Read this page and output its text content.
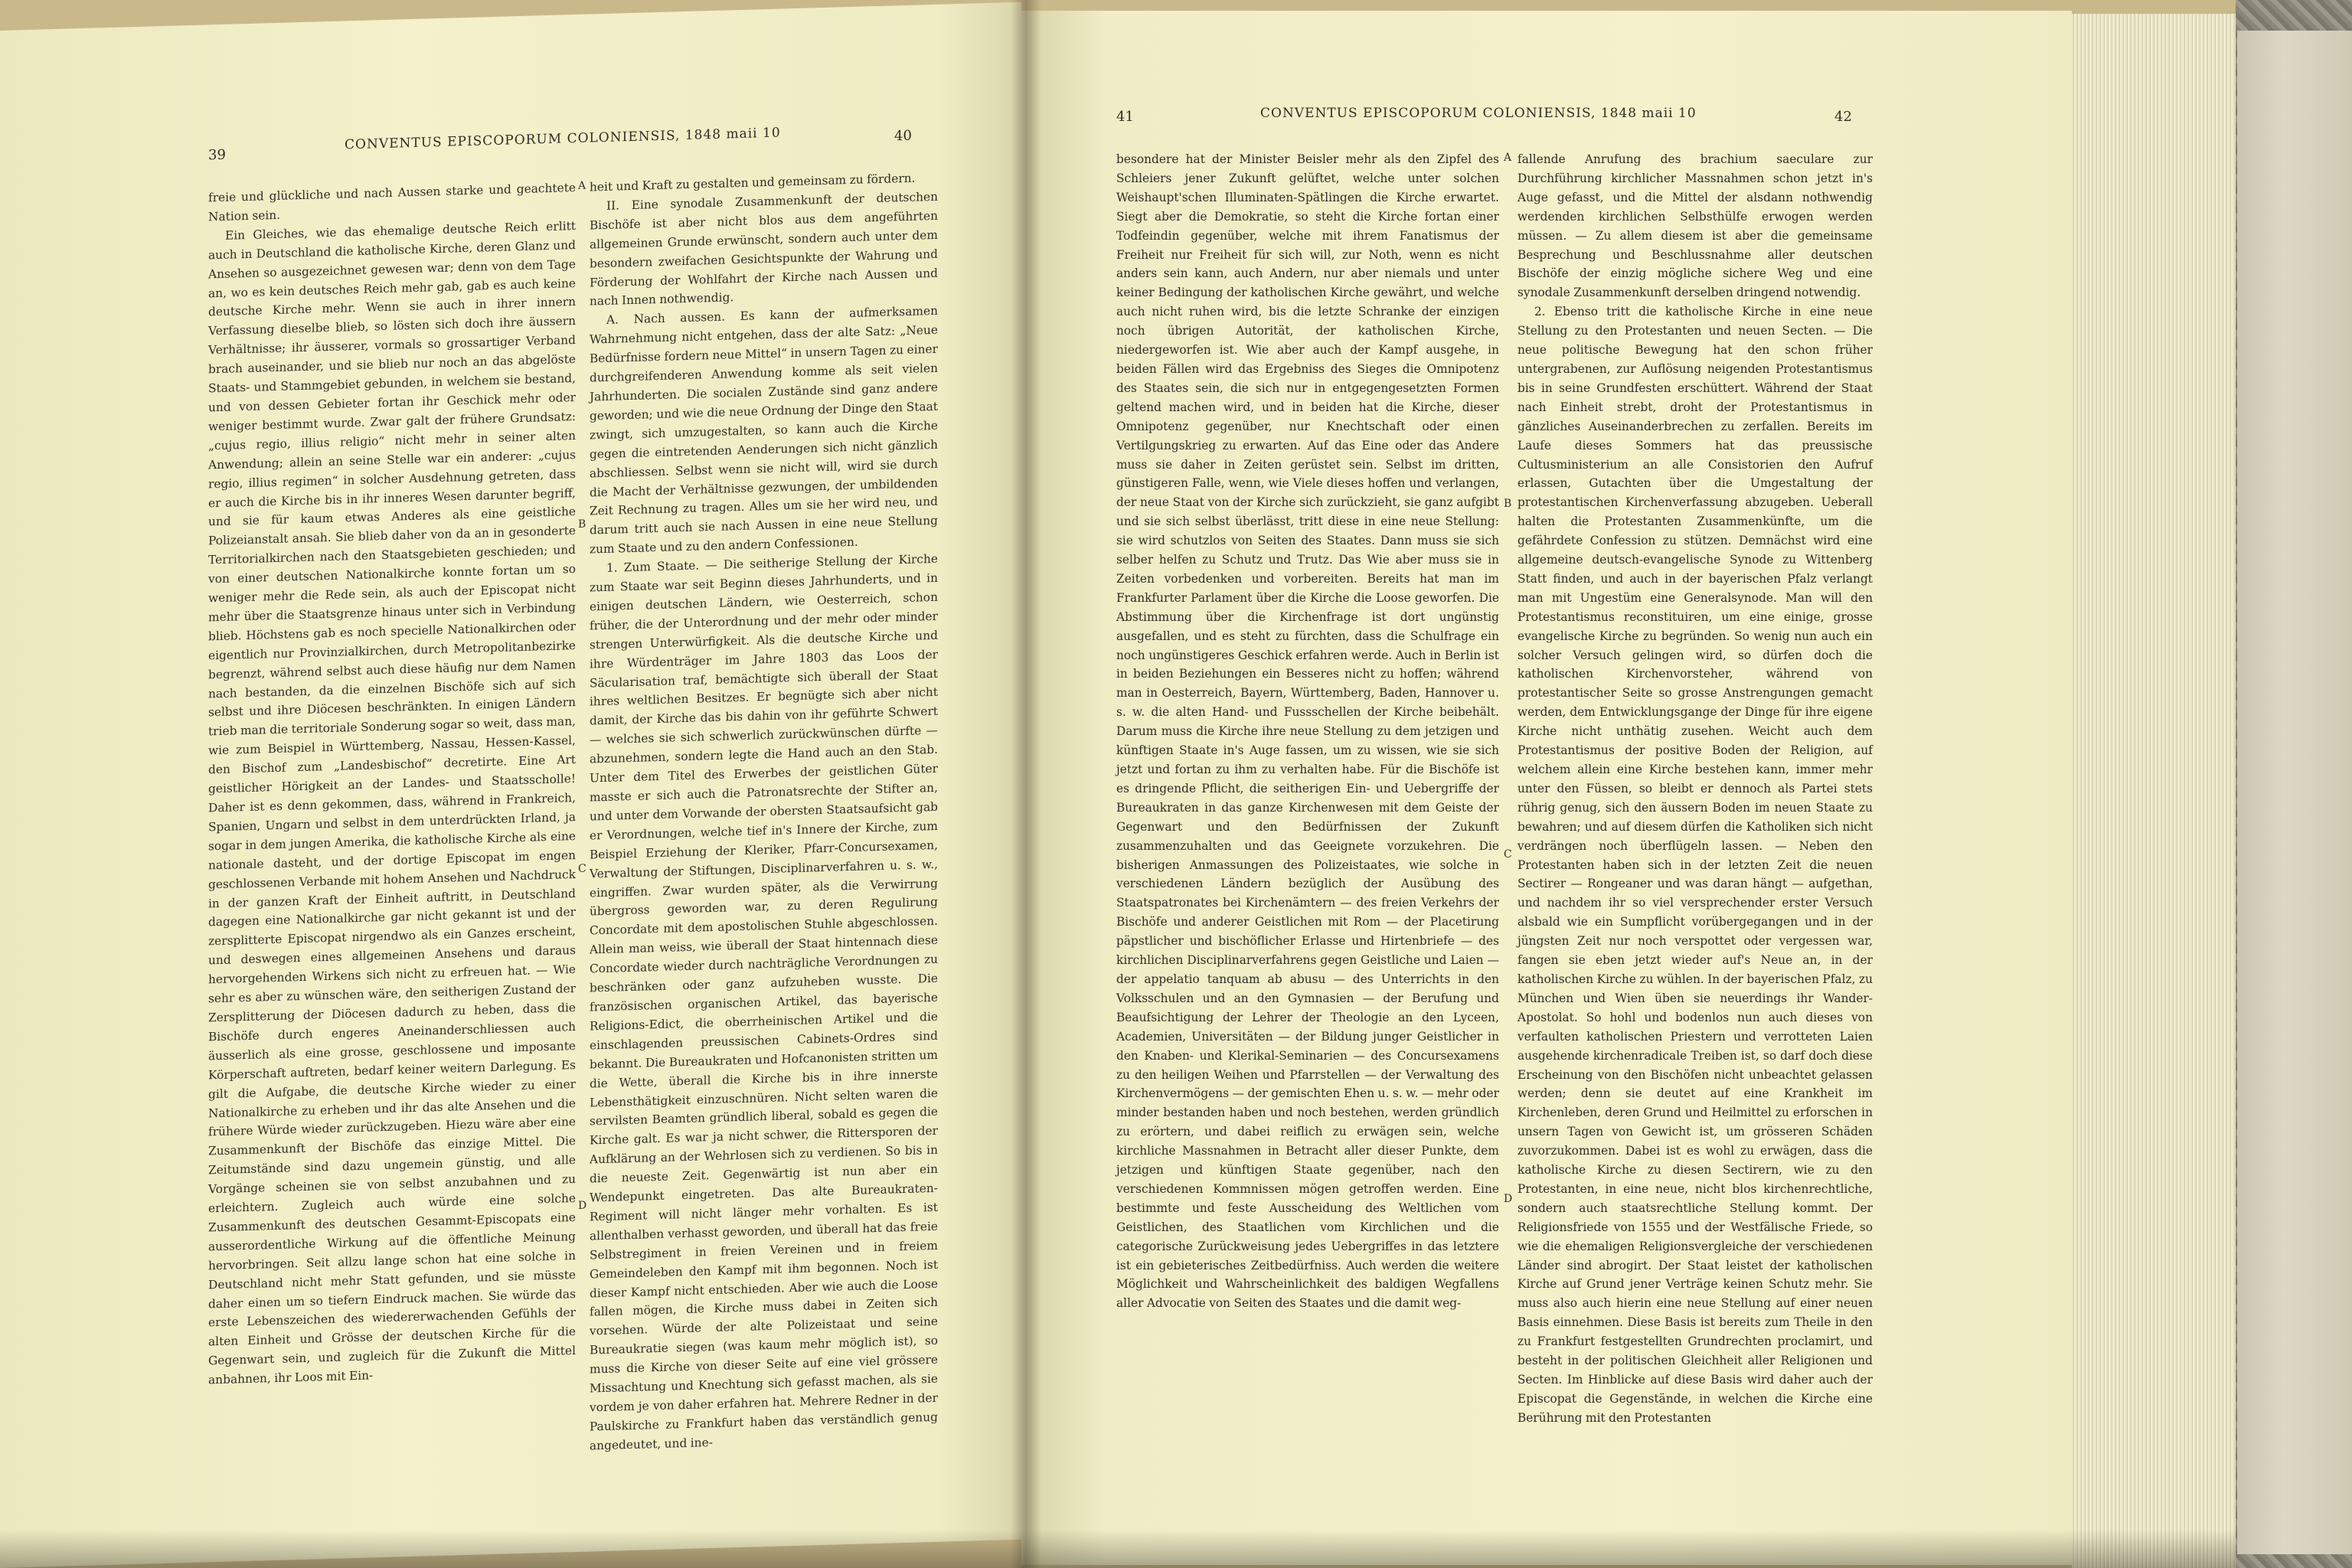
39
CONVENTUS EPISCOPORUM COLONIENSIS, 1848 maii 10	40

freie und glückliche und nach Aussen starke und geachtete Nation sein.

Ein Gleiches, wie das ehemalige deutsche Reich erlitt auch in Deutschland die katholische Kirche, deren Glanz und Ansehen so ausgezeichnet gewesen war; denn von dem Tage an, wo es kein deutsches Reich mehr gab, gab es auch keine deutsche Kirche mehr. Wenn sie auch in ihrer innern Verfassung dieselbe blieb, so lösten sich doch ihre äussern Verhältnisse; ihr äusserer, vormals so grossartiger Verband brach auseinander, und sie blieb nur noch an das abgelöste Staats- und Stammgebiet gebunden, in welchem sie bestand, und von dessen Gebieter fortan ihr Geschick mehr oder weniger bestimmt wurde. Zwar galt der frühere Grundsatz: „cujus regio, illius religio“ nicht mehr in seiner alten Anwendung; allein an seine Stelle war ein anderer: „cujus regio, illius regimen“ in solcher Ausdehnung getreten, dass er auch die Kirche bis in ihr inneres Wesen darunter begriff, und sie für kaum etwas Anderes als eine geistliche Polizeianstalt ansah. Sie blieb daher von da an in gesonderte Territorialkirchen nach den Staatsgebieten geschieden; und von einer deutschen Nationalkirche konnte fortan um so weniger mehr die Rede sein, als auch der Episcopat nicht mehr über die Staatsgrenze hinaus unter sich in Verbindung blieb. Höchstens gab es noch specielle Nationalkirchen oder eigentlich nur Provinzialkirchen, durch Metropolitanbezirke begrenzt, während selbst auch diese häufig nur dem Namen nach bestanden, da die einzelnen Bischöfe sich auf sich selbst und ihre Diöcesen beschränkten. In einigen Ländern trieb man die territoriale Sonderung sogar so weit, dass man, wie zum Beispiel in Württemberg, Nassau, Hessen-Kassel, den Bischof zum „Landesbischof“ decretirte. Eine Art geistlicher Hörigkeit an der Landes- und Staatsscholle! Daher ist es denn gekommen, dass, während in Frankreich, Spanien, Ungarn und selbst in dem unterdrückten Irland, ja sogar in dem jungen Amerika, die katholische Kirche als eine nationale dasteht, und der dortige Episcopat im engen geschlossenen Verbande mit hohem Ansehen und Nachdruck in der ganzen Kraft der Einheit auftritt, in Deutschland dagegen eine Nationalkirche gar nicht gekannt ist und der zersplitterte Episcopat nirgendwo als ein Ganzes erscheint, und deswegen eines allgemeinen Ansehens und daraus hervorgehenden Wirkens sich nicht zu erfreuen hat. — Wie sehr es aber zu wünschen wäre, den seitherigen Zustand der Zersplitterung der Diöcesen dadurch zu heben, dass die Bischöfe durch engeres Aneinanderschliessen auch äusserlich als eine grosse, geschlossene und imposante Körperschaft auftreten, bedarf keiner weitern Darlegung. Es gilt die Aufgabe, die deutsche Kirche wieder zu einer Nationalkirche zu erheben und ihr das alte Ansehen und die frühere Würde wieder zurückzugeben. Hiezu wäre aber eine Zusammenkunft der Bischöfe das einzige Mittel. Die Zeitumstände sind dazu ungemein günstig, und alle Vorgänge scheinen sie von selbst anzubahnen und zu erleichtern. Zugleich auch würde eine solche Zusammenkunft des deutschen Gesammt-Episcopats eine ausserordentliche Wirkung auf die öffentliche Meinung hervorbringen. Seit allzu lange schon hat eine solche in Deutschland nicht mehr Statt gefunden, und sie müsste daher einen um so tiefern Eindruck machen. Sie würde das erste Lebenszeichen des wiedererwachenden Gefühls der alten Einheit und Grösse der deutschen Kirche für die Gegenwart sein, und zugleich für die Zukunft die Mittel anbahnen, ihr Loos mit Ein-

heit und Kraft zu gestalten und gemeinsam zu fördern.

II. Eine synodale Zusammenkunft der deutschen Bischöfe ist aber nicht blos aus dem angeführten allgemeinen Grunde erwünscht, sondern auch unter dem besondern zweifachen Gesichtspunkte der Wahrung und Förderung der Wohlfahrt der Kirche nach Aussen und nach Innen nothwendig.

A. Nach aussen. Es kann der aufmerksamen Wahrnehmung nicht entgehen, dass der alte Satz: „Neue Bedürfnisse fordern neue Mittel“ in unsern Tagen zu einer durchgreifenderen Anwendung komme als seit vielen Jahrhunderten. Die socialen Zustände sind ganz andere geworden; und wie die neue Ordnung der Dinge den Staat zwingt, sich umzugestalten, so kann auch die Kirche gegen die eintretenden Aenderungen sich nicht gänzlich abschliessen. Selbst wenn sie nicht will, wird sie durch die Macht der Verhältnisse gezwungen, der umbildenden Zeit Rechnung zu tragen. Alles um sie her wird neu, und darum tritt auch sie nach Aussen in eine neue Stellung zum Staate und zu den andern Confessionen.

1. Zum Staate. — Die seitherige Stellung der Kirche zum Staate war seit Beginn dieses Jahrhunderts, und in einigen deutschen Ländern, wie Oesterreich, schon früher, die der Unterordnung und der mehr oder minder strengen Unterwürfigkeit. Als die deutsche Kirche und ihre Würdenträger im Jahre 1803 das Loos der Säcularisation traf, bemächtigte sich überall der Staat ihres weltlichen Besitzes. Er begnügte sich aber nicht damit, der Kirche das bis dahin von ihr geführte Schwert — welches sie sich schwerlich zurückwünschen dürfte — abzunehmen, sondern legte die Hand auch an den Stab. Unter dem Titel des Erwerbes der geistlichen Güter masste er sich auch die Patronatsrechte der Stifter an, und unter dem Vorwande der obersten Staatsaufsicht gab er Verordnungen, welche tief in's Innere der Kirche, zum Beispiel Erziehung der Kleriker, Pfarr-Concursexamen, Verwaltung der Stiftungen, Disciplinarverfahren u. s. w., eingriffen. Zwar wurden später, als die Verwirrung übergross geworden war, zu deren Regulirung Concordate mit dem apostolischen Stuhle abgeschlossen. Allein man weiss, wie überall der Staat hintennach diese Concordate wieder durch nachträgliche Verordnungen zu beschränken oder ganz aufzuheben wusste. Die französischen organischen Artikel, das bayerische Religions-Edict, die oberrheinischen Artikel und die einschlagenden preussischen Cabinets-Ordres sind bekannt. Die Bureaukraten und Hofcanonisten stritten um die Wette, überall die Kirche bis in ihre innerste Lebensthätigkeit einzuschnüren. Nicht selten waren die servilsten Beamten gründlich liberal, sobald es gegen die Kirche galt. Es war ja nicht schwer, die Rittersporen der Aufklärung an der Wehrlosen sich zu verdienen. So bis in die neueste Zeit. Gegenwärtig ist nun aber ein Wendepunkt eingetreten. Das alte Bureaukraten-Regiment will nicht länger mehr vorhalten. Es ist allenthalben verhasst geworden, und überall hat das freie Selbstregiment in freien Vereinen und in freiem Gemeindeleben den Kampf mit ihm begonnen. Noch ist dieser Kampf nicht entschieden. Aber wie auch die Loose fallen mögen, die Kirche muss dabei in Zeiten sich vorsehen. Würde der alte Polizeistaat und seine Bureaukratie siegen (was kaum mehr möglich ist), so muss die Kirche von dieser Seite auf eine viel grössere Missachtung und Knechtung sich gefasst machen, als sie vordem je von daher erfahren hat. Mehrere Redner in der Paulskirche zu Frankfurt haben das verständlich genug angedeutet, und ine-

A
B
C
D
41	CONVENTUS EPISCOPORUM COLONIENSIS, 1848 maii 10	42

besondere hat der Minister Beisler mehr als den Zipfel des Schleiers jener Zukunft gelüftet, welche unter solchen Weishaupt'schen Illuminaten-Spätlingen die Kirche erwartet. Siegt aber die Demokratie, so steht die Kirche fortan einer Todfeindin gegenüber, welche mit ihrem Fanatismus der Freiheit nur Freiheit für sich will, zur Noth, wenn es nicht anders sein kann, auch Andern, nur aber niemals und unter keiner Bedingung der katholischen Kirche gewährt, und welche auch nicht ruhen wird, bis die letzte Schranke der einzigen noch übrigen Autorität, der katholischen Kirche, niedergeworfen ist. Wie aber auch der Kampf ausgehe, in beiden Fällen wird das Ergebniss des Sieges die Omnipotenz des Staates sein, die sich nur in entgegengesetzten Formen geltend machen wird, und in beiden hat die Kirche, dieser Omnipotenz gegenüber, nur Knechtschaft oder einen Vertilgungskrieg zu erwarten. Auf das Eine oder das Andere muss sie daher in Zeiten gerüstet sein. Selbst im dritten, günstigeren Falle, wenn, wie Viele dieses hoffen und verlangen, der neue Staat von der Kirche sich zurückzieht, sie ganz aufgibt und sie sich selbst überlässt, tritt diese in eine neue Stellung: sie wird schutzlos von Seiten des Staates. Dann muss sie sich selber helfen zu Schutz und Trutz. Das Wie aber muss sie in Zeiten vorbedenken und vorbereiten. Bereits hat man im Frankfurter Parlament über die Kirche die Loose geworfen. Die Abstimmung über die Kirchenfrage ist dort ungünstig ausgefallen, und es steht zu fürchten, dass die Schulfrage ein noch ungünstigeres Geschick erfahren werde. Auch in Berlin ist in beiden Beziehungen ein Besseres nicht zu hoffen; während man in Oesterreich, Bayern, Württemberg, Baden, Hannover u. s. w. die alten Hand- und Fussschellen der Kirche beibehält. Darum muss die Kirche ihre neue Stellung zu dem jetzigen und künftigen Staate in's Auge fassen, um zu wissen, wie sie sich jetzt und fortan zu ihm zu verhalten habe. Für die Bischöfe ist es dringende Pflicht, die seitherigen Ein- und Uebergriffe der Bureaukraten in das ganze Kirchenwesen mit dem Geiste der Gegenwart und den Bedürfnissen der Zukunft zusammenzuhalten und das Geeignete vorzukehren. Die bisherigen Anmassungen des Polizeistaates, wie solche in verschiedenen Ländern bezüglich der Ausübung des Staatspatronates bei Kirchenämtern — des freien Verkehrs der Bischöfe und anderer Geistlichen mit Rom — der Placetirung päpstlicher und bischöflicher Erlasse und Hirtenbriefe — des kirchlichen Disciplinarverfahrens gegen Geistliche und Laien — der appelatio tanquam ab abusu — des Unterrichts in den Volksschulen und an den Gymnasien — der Berufung und Beaufsichtigung der Lehrer der Theologie an den Lyceen, Academien, Universitäten — der Bildung junger Geistlicher in den Knaben- und Klerikal-Seminarien — des Concursexamens zu den heiligen Weihen und Pfarrstellen — der Verwaltung des Kirchenvermögens — der gemischten Ehen u. s. w. — mehr oder minder bestanden haben und noch bestehen, werden gründlich zu erörtern, und dabei reiflich zu erwägen sein, welche kirchliche Massnahmen in Betracht aller dieser Punkte, dem jetzigen und künftigen Staate gegenüber, nach den verschiedenen Kommnissen mögen getroffen werden. Eine bestimmte und feste Ausscheidung des Weltlichen vom Geistlichen, des Staatlichen vom Kirchlichen und die categorische Zurückweisung jedes Uebergriffes in das letztere ist ein gebieterisches Zeitbedürfniss. Auch werden die weitere Möglichkeit und Wahrscheinlichkeit des baldigen Wegfallens aller Advocatie von Seiten des Staates und die damit weg-

fallende Anrufung des brachium saeculare zur Durchführung kirchlicher Massnahmen schon jetzt in's Auge gefasst, und die Mittel der alsdann nothwendig werdenden kirchlichen Selbsthülfe erwogen werden müssen. — Zu allem diesem ist aber die gemeinsame Besprechung und Beschlussnahme aller deutschen Bischöfe der einzig mögliche sichere Weg und eine synodale Zusammenkunft derselben dringend notwendig.

2. Ebenso tritt die katholische Kirche in eine neue Stellung zu den Protestanten und neuen Secten. — Die neue politische Bewegung hat den schon früher untergrabenen, zur Auflösung neigenden Protestantismus bis in seine Grundfesten erschüttert. Während der Staat nach Einheit strebt, droht der Protestantismus in gänzliches Auseinanderbrechen zu zerfallen. Bereits im Laufe dieses Sommers hat das preussische Cultusministerium an alle Consistorien den Aufruf erlassen, Gutachten über die Umgestaltung der protestantischen Kirchenverfassung abzugeben. Ueberall halten die Protestanten Zusammenkünfte, um die gefährdete Confession zu stützen. Demnächst wird eine allgemeine deutsch-evangelische Synode zu Wittenberg Statt finden, und auch in der bayerischen Pfalz verlangt man mit Ungestüm eine Generalsynode. Man will den Protestantismus reconstituiren, um eine einige, grosse evangelische Kirche zu begründen. So wenig nun auch ein solcher Versuch gelingen wird, so dürfen doch die katholischen Kirchenvorsteher, während von protestantischer Seite so grosse Anstrengungen gemacht werden, dem Entwicklungsgange der Dinge für ihre eigene Kirche nicht unthätig zusehen. Weicht auch dem Protestantismus der positive Boden der Religion, auf welchem allein eine Kirche bestehen kann, immer mehr unter den Füssen, so bleibt er dennoch als Partei stets rührig genug, sich den äussern Boden im neuen Staate zu bewahren; und auf diesem dürfen die Katholiken sich nicht verdrängen noch überflügeln lassen. — Neben den Protestanten haben sich in der letzten Zeit die neuen Sectirer — Rongeaner und was daran hängt — aufgethan, und nachdem ihr so viel versprechender erster Versuch alsbald wie ein Sumpflicht vorübergegangen und in der jüngsten Zeit nur noch verspottet oder vergessen war, fangen sie eben jetzt wieder auf's Neue an, in der katholischen Kirche zu wühlen. In der bayerischen Pfalz, zu München und Wien üben sie neuerdings ihr Wander-Apostolat. So hohl und bodenlos nun auch dieses von verfaulten katholischen Priestern und verrotteten Laien ausgehende kirchenradicale Treiben ist, so darf doch diese Erscheinung von den Bischöfen nicht unbeachtet gelassen werden; denn sie deutet auf eine Krankheit im Kirchenleben, deren Grund und Heilmittel zu erforschen in unsern Tagen von Gewicht ist, um grösseren Schäden zuvorzukommen. Dabei ist es wohl zu erwägen, dass die katholische Kirche zu diesen Sectirern, wie zu den Protestanten, in eine neue, nicht blos kirchenrechtliche, sondern auch staatsrechtliche Stellung kommt. Der Religionsfriede von 1555 und der Westfälische Friede, so wie die ehemaligen Religionsvergleiche der verschiedenen Länder sind abrogirt. Der Staat leistet der katholischen Kirche auf Grund jener Verträge keinen Schutz mehr. Sie muss also auch hierin eine neue Stellung auf einer neuen Basis einnehmen. Diese Basis ist bereits zum Theile in den zu Frankfurt festgestellten Grundrechten proclamirt, und besteht in der politischen Gleichheit aller Religionen und Secten. Im Hinblicke auf diese Basis wird daher auch der Episcopat die Gegenstände, in welchen die Kirche eine Berührung mit den Protestanten

A
B
C
D
